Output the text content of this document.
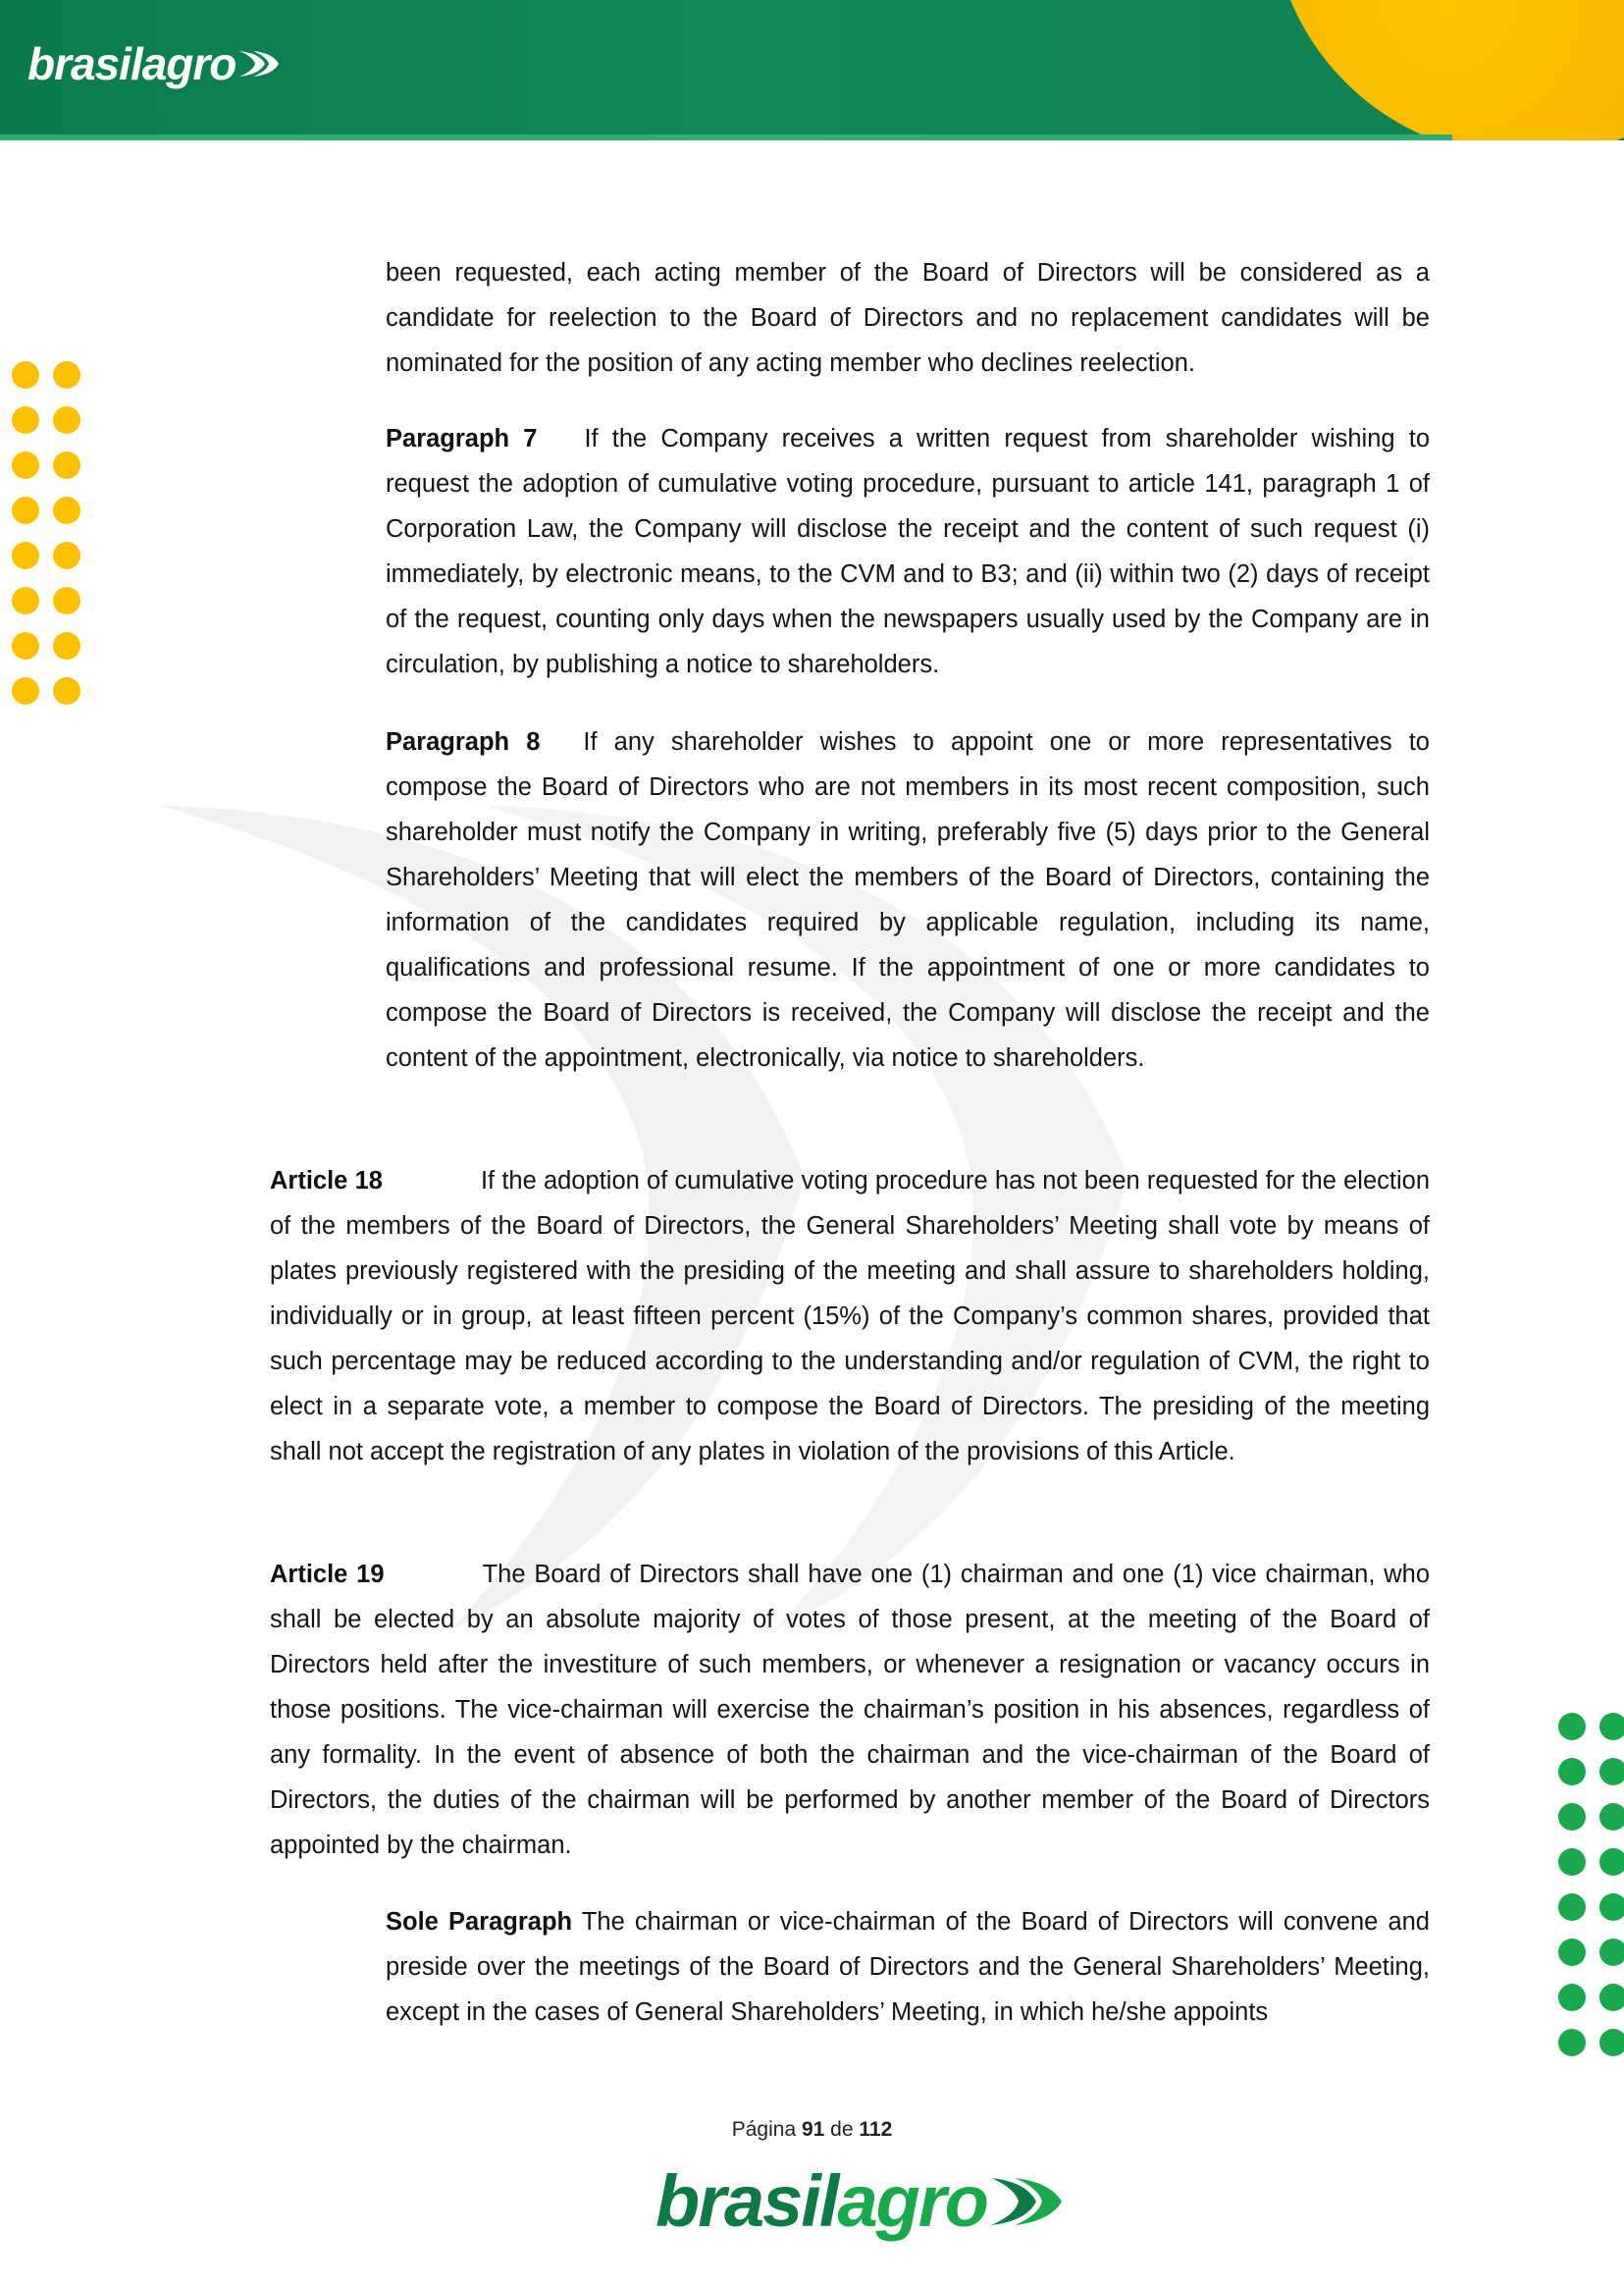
brasilagro

been requested, each acting member of the Board of Directors will be considered as a candidate for reelection to the Board of Directors and no replacement candidates will be nominated for the position of any acting member who declines reelection.

Paragraph 7 If the Company receives a written request from shareholder wishing to request the adoption of cumulative voting procedure, pursuant to article 141, paragraph 1 of Corporation Law, the Company will disclose the receipt and the content of such request (i) immediately, by electronic means, to the CVM and to B3; and (ii) within two (2) days of receipt of the request, counting only days when the newspapers usually used by the Company are in circulation, by publishing a notice to shareholders.

Paragraph 8 If any shareholder wishes to appoint one or more representatives to compose the Board of Directors who are not members in its most recent composition, such shareholder must notify the Company in writing, preferably five (5) days prior to the General Shareholders’ Meeting that will elect the members of the Board of Directors, containing the information of the candidates required by applicable regulation, including its name, qualifications and professional resume. If the appointment of one or more candidates to compose the Board of Directors is received, the Company will disclose the receipt and the content of the appointment, electronically, via notice to shareholders.

Article 18	If the adoption of cumulative voting procedure has not been requested for the election of the members of the Board of Directors, the General Shareholders’ Meeting shall vote by means of plates previously registered with the presiding of the meeting and shall assure to shareholders holding, individually or in group, at least fifteen percent (15%) of the Company’s common shares, provided that such percentage may be reduced according to the understanding and/or regulation of CVM, the right to elect in a separate vote, a member to compose the Board of Directors. The presiding of the meeting shall not accept the registration of any plates in violation of the provisions of this Article.

Article 19	The Board of Directors shall have one (1) chairman and one (1) vice chairman, who shall be elected by an absolute majority of votes of those present, at the meeting of the Board of Directors held after the investiture of such members, or whenever a resignation or vacancy occurs in those positions. The vice-chairman will exercise the chairman’s position in his absences, regardless of any formality. In the event of absence of both the chairman and the vice-chairman of the Board of Directors, the duties of the chairman will be performed by another member of the Board of Directors appointed by the chairman.

Sole Paragraph The chairman or vice-chairman of the Board of Directors will convene and preside over the meetings of the Board of Directors and the General Shareholders’ Meeting, except in the cases of General Shareholders’ Meeting, in which he/she appoints

Página 91 de 112
brasil agro
